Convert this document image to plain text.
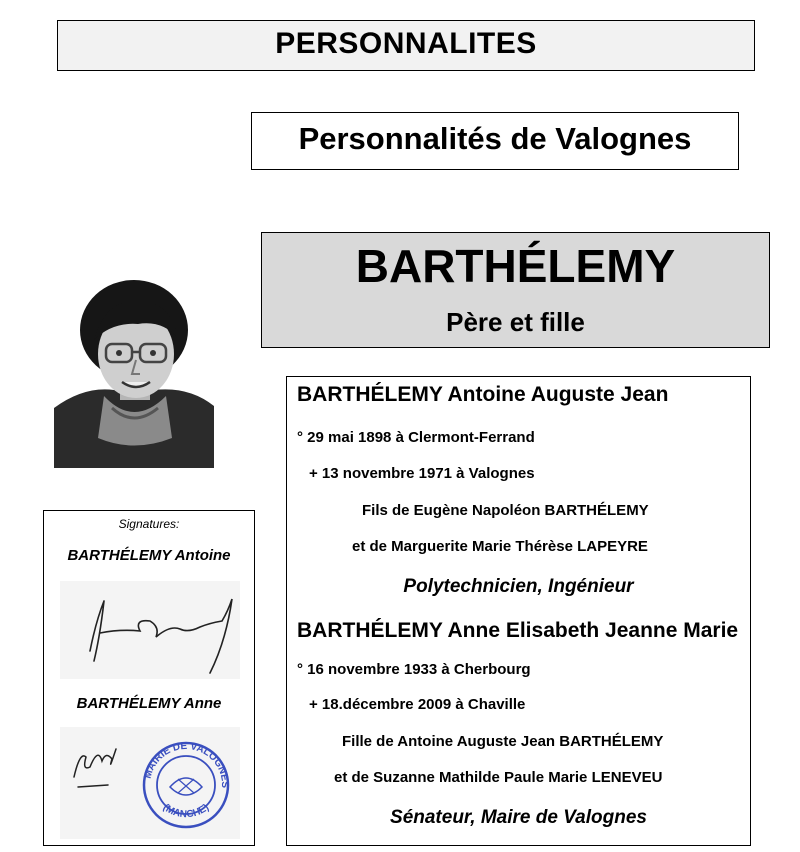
PERSONNALITES
Personnalités de Valognes
BARTHÉLEMY
Père et fille
Signatures:
BARTHÉLEMY Antoine
BARTHÉLEMY Anne
MAIRIE DE VALOGNES
(MANCHE)
BARTHÉLEMY Antoine Auguste Jean
° 29 mai 1898 à Clermont-Ferrand
+ 13 novembre 1971 à Valognes
Fils de Eugène Napoléon BARTHÉLEMY
et de Marguerite Marie Thérèse LAPEYRE
Polytechnicien, Ingénieur
BARTHÉLEMY Anne Elisabeth Jeanne Marie
° 16 novembre 1933 à Cherbourg
+ 18.décembre 2009 à Chaville
Fille de Antoine Auguste Jean BARTHÉLEMY
et de Suzanne Mathilde Paule Marie LENEVEU
Sénateur, Maire de Valognes
